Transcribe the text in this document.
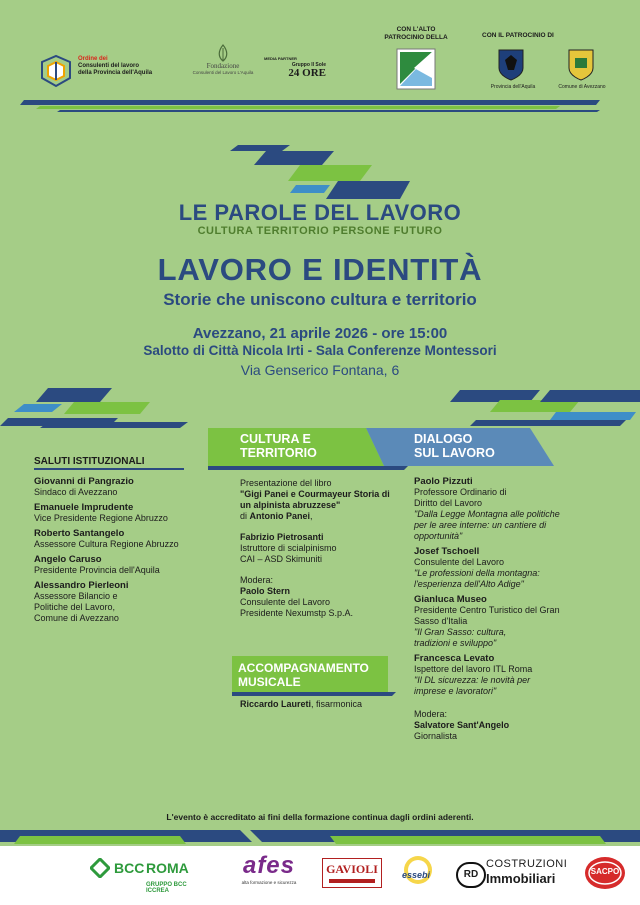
Ordine dei
Consulenti del lavoro
della Provincia dell'Aquila
Fondazione
Consulenti del Lavoro L'Aquila
MEDIA PARTNER
Gruppo Il Sole
24 ORE
CON L'ALTO
PATROCINIO DELLA	CON IL PATROCINIO DI
Provincia dell'Aquila	Comune di Avezzano
LE PAROLE DEL LAVORO
CULTURA TERRITORIO PERSONE FUTURO
LAVORO E IDENTITÀ
Storie che uniscono cultura e territorio
Avezzano, 21 aprile 2026 - ore 15:00
Salotto di Città Nicola Irti - Sala Conferenze Montessori
Via Genserico Fontana, 6
CULTURA E
TERRITORIO
DIALOGO
SUL LAVORO
SALUTI ISTITUZIONALI
Giovanni di Pangrazio
Sindaco di Avezzano
Emanuele Imprudente
Vice Presidente Regione Abruzzo
Roberto Santangelo
Assessore Cultura Regione Abruzzo
Angelo Caruso
Presidente Provincia dell'Aquila
Alessandro Pierleoni
Assessore Bilancio e Politiche del Lavoro, Comune di Avezzano
Presentazione del libro
"Gigi Panei e Courmayeur Storia di un alpinista abruzzese"
di Antonio Panei,
Fabrizio Pietrosanti
Istruttore di scialpinismo
CAI – ASD Skimuniti
Modera:
Paolo Stern
Consulente del Lavoro
Presidente Nexumstp S.p.A.
ACCOMPAGNAMENTO
MUSICALE
Riccardo Laureti, fisarmonica
Paolo Pizzuti
Professore Ordinario di Diritto del Lavoro
"Dalla Legge Montagna alle politiche per le aree interne: un cantiere di opportunità"
Josef Tschoell
Consulente del Lavoro
"Le professioni della montagna: l'esperienza dell'Alto Adige"
Gianluca Museo
Presidente Centro Turistico del Gran Sasso d'Italia
"Il Gran Sasso: cultura, tradizioni e sviluppo"
Francesca Levato
Ispettore del lavoro ITL Roma
"Il DL sicurezza: le novità per imprese e lavoratori"
Modera:
Salvatore Sant'Angelo
Giornalista
L'evento è accreditato ai fini della formazione continua dagli ordini aderenti.
BCC ROMA
GRUPPO BCC ICCREA
afes
alta formazione e sicurezza
GAVIOLI	essebi	RD
COSTRUZIONI
Immobiliari	SACPO
